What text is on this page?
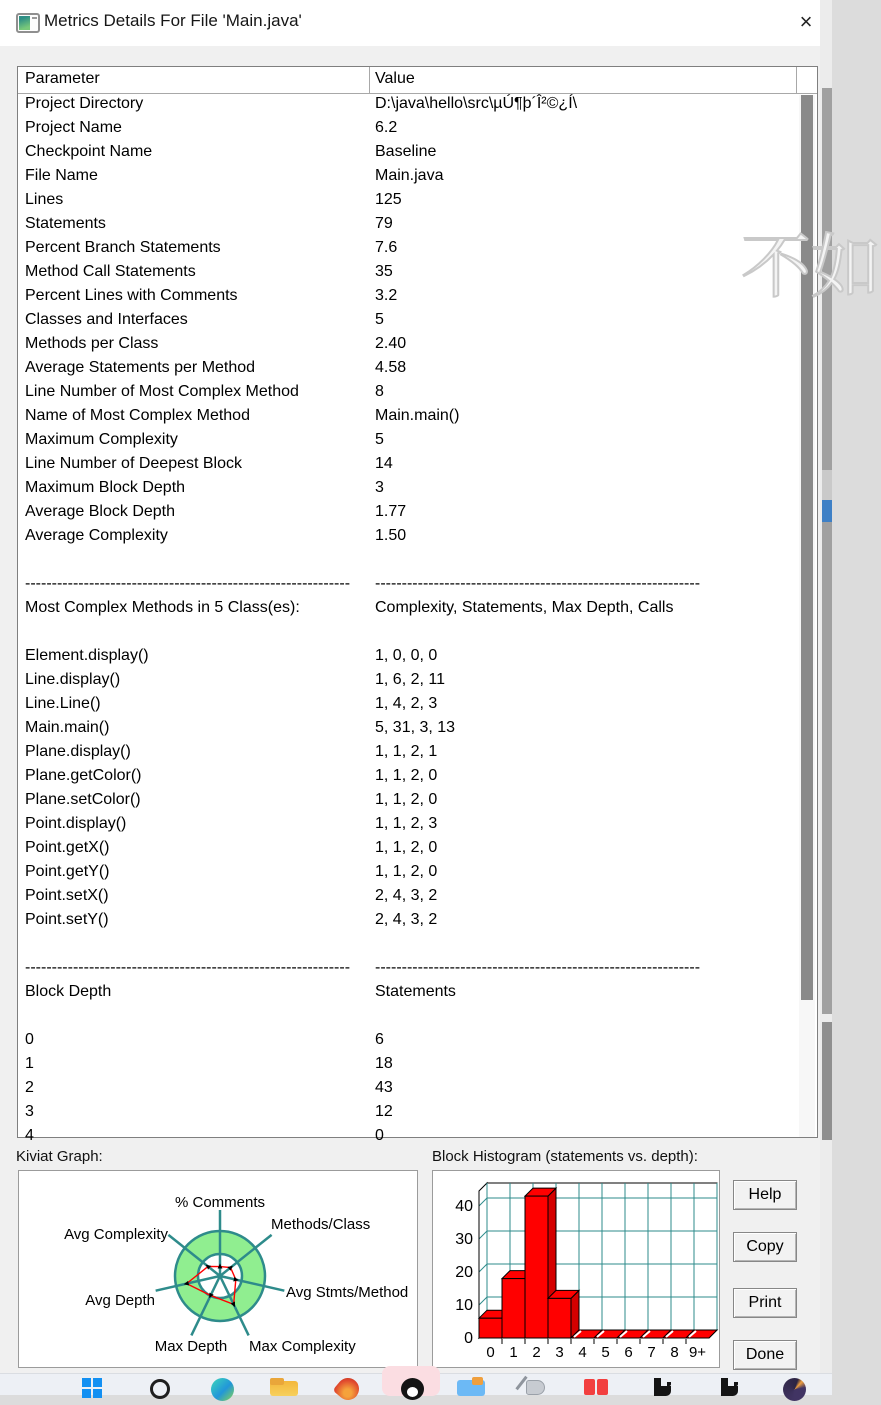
Metrics Details For File 'Main.java'	×
Parameter	Value
Project Directory	D:\java\hello\src\µÚ¶þ´Î²©¿Í\
Project Name	6.2
Checkpoint Name	Baseline
File Name	Main.java
Lines	125
Statements	79
Percent Branch Statements	7.6
Method Call Statements	35
Percent Lines with Comments	3.2
Classes and Interfaces	5
Methods per Class	2.40
Average Statements per Method	4.58
Line Number of Most Complex Method	8
Name of Most Complex Method	Main.main()
Maximum Complexity	5
Line Number of Deepest Block	14
Maximum Block Depth	3
Average Block Depth	1.77
Average Complexity	1.50
-------------------------------------------------------------	-------------------------------------------------------------
Most Complex Methods in 5 Class(es):	Complexity, Statements, Max Depth, Calls
Element.display()	1, 0, 0, 0
Line.display()	1, 6, 2, 11
Line.Line()	1, 4, 2, 3
Main.main()	5, 31, 3, 13
Plane.display()	1, 1, 2, 1
Plane.getColor()	1, 1, 2, 0
Plane.setColor()	1, 1, 2, 0
Point.display()	1, 1, 2, 3
Point.getX()	1, 1, 2, 0
Point.getY()	1, 1, 2, 0
Point.setX()	2, 4, 3, 2
Point.setY()	2, 4, 3, 2
-------------------------------------------------------------	-------------------------------------------------------------
Block Depth	Statements
0	6
1	18
2	43
3	12
4	0
不如
Kiviat Graph:
% Comments
Methods/Class
Avg Stmts/Method
Max Complexity
Max Depth
Avg Depth
Avg Complexity
Block Histogram (statements vs. depth):
40
30
20
10
0
0 1 2 3 4 5 6 7 8 9+
Help
Copy
Print
Done
